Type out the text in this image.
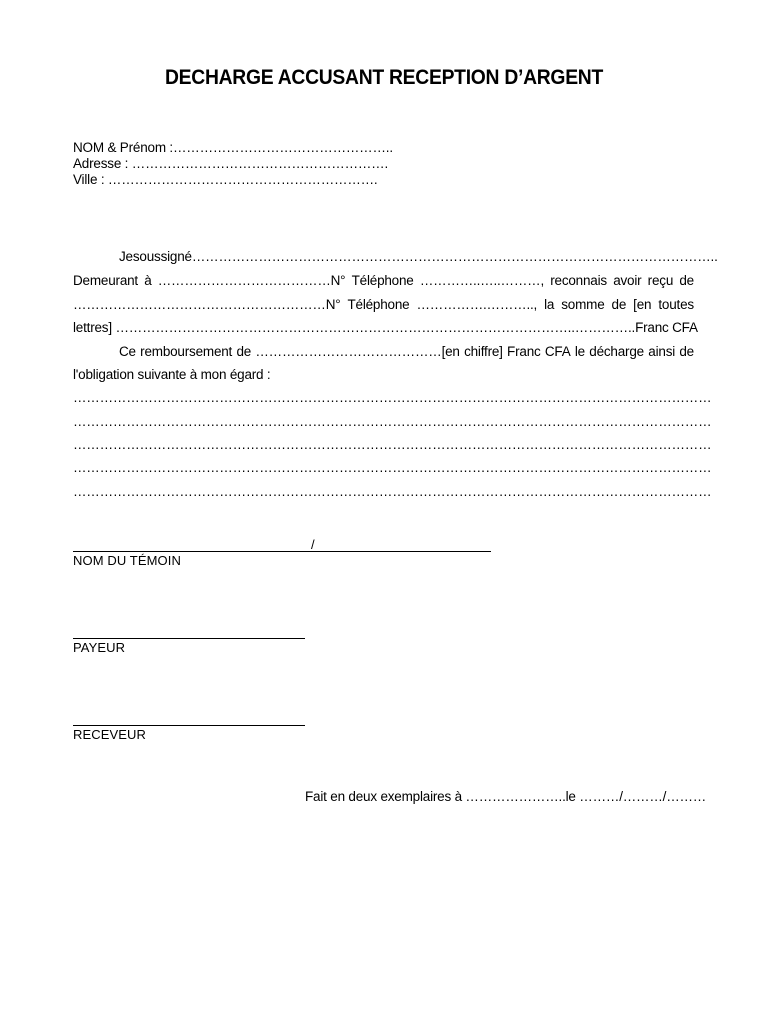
DECHARGE ACCUSANT RECEPTION D’ARGENT
NOM & Prénom :…………………………………………..
Adresse : ………………………………………………….
Ville : …………………………………………………….
Je soussigné ………………………………………………………………………………………………………..
Demeurant à …………………………………N° Téléphone …………..…..………, reconnais avoir reçu de
…………………………………………………N° Téléphone …………….……….., la somme de [en toutes
lettres] …………………………………………………………………………………………..…………..Franc CFA
Ce remboursement de ……………………………………[en chiffre] Franc CFA le décharge ainsi de
l'obligation suivante à mon égard :
………………………………………………………………………………………………………………………………
………………………………………………………………………………………………………………………………
………………………………………………………………………………………………………………………………
………………………………………………………………………………………………………………………………
………………………………………………………………………………………………………………………………
/
NOM DU TÉMOIN
PAYEUR
RECEVEUR
Fait en deux exemplaires à …………………..le ………/………/………
